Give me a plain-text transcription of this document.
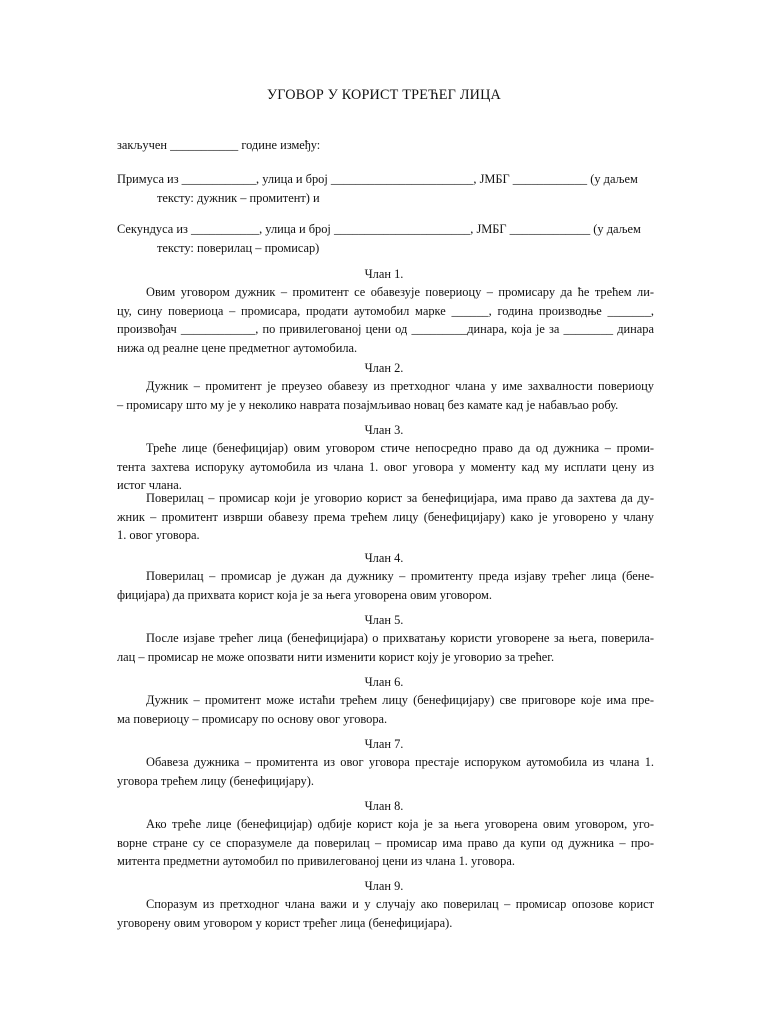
УГОВОР У КОРИСТ ТРЕЋЕГ ЛИЦА
закључен ___________ године између:
Примуса из ____________, улица и број _______________________, ЈМБГ ____________ (у даљем
тексту: дужник – промитент) и
Секундуса из ___________, улица и број ______________________, ЈМБГ _____________ (у даљем
тексту: поверилац – промисар)
Члан 1.
Овим уговором дужник – промитент се обавезује повериоцу – промисару да ће трећем ли-
цу, сину повериоца – промисара, продати аутомобил марке ______, година производње _______,
произвођач ____________, по привилегованој цени од _________динара, која је за ________ динара
нижа од реалне цене предметног аутомобила.
Члан 2.
Дужник – промитент је преузео обавезу из претходног члана у име захвалности повериоцу
– промисару што му је у неколико наврата позајмљивао новац без камате кад је набављао робу.
Члан 3.
Треће лице (бенефицијар) овим уговором стиче непосредно право да од дужника – проми-
тента захтева испоруку аутомобила из члана 1. овог уговора у моменту кад му исплати цену из
истог члана.
Поверилац – промисар који је уговорио корист за бенефицијара, има право да захтева да ду-
жник – промитент изврши обавезу према трећем лицу (бенефицијару) како је уговорено у члану
1. овог уговора.
Члан 4.
Поверилац – промисар је дужан да дужнику – промитенту преда изјаву трећег лица (бене-
фицијара) да прихвата корист која је за њега уговорена овим уговором.
Члан 5.
После изјаве трећег лица (бенефицијара) о прихватању користи уговорене за њега, поверила-
лац – промисар не може опозвати нити изменити корист коју је уговорио за трећег.
Члан 6.
Дужник – промитент може истаћи трећем лицу (бенефицијару) све приговоре које има пре-
ма повериоцу – промисару по основу овог уговора.
Члан 7.
Обавеза дужника – промитента из овог уговора престаје испоруком аутомобила из члана 1.
уговора трећем лицу (бенефицијару).
Члан 8.
Ако треће лице (бенефицијар) одбије корист која је за њега уговорена овим уговором, уго-
ворне стране су се споразумеле да поверилац – промисар има право да купи од дужника – про-
митента предметни аутомобил по привилегованој цени из члана 1. уговора.
Члан 9.
Споразум из претходног члана важи и у случају ако поверилац – промисар опозове корист
уговорену овим уговором у корист трећег лица (бенефицијара).
